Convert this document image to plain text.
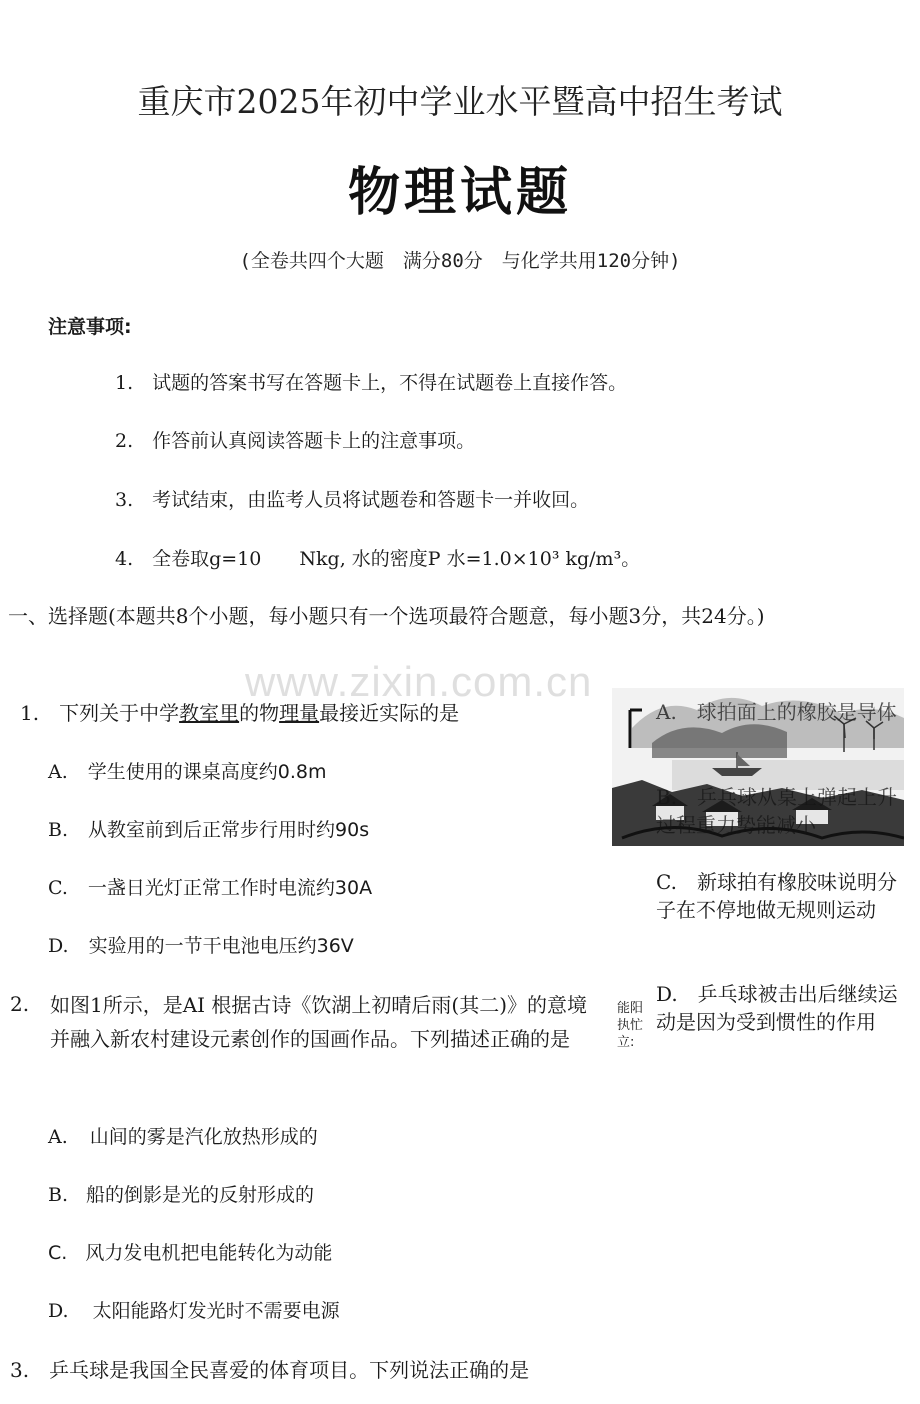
重庆市2025年初中学业水平暨高中招生考试
物理试题
(全卷共四个大题　满分80分　与化学共用120分钟)
注意事项:
1.　试题的答案书写在答题卡上，不得在试题卷上直接作答。
2.　作答前认真阅读答题卡上的注意事项。
3.　考试结束，由监考人员将试题卷和答题卡一并收回。
4.　全卷取g=10　　Nkg, 水的密度P 水=1.0×10³ kg/m³。
一、选择题(本题共8个小题，每小题只有一个选项最符合题意，每小题3分，共24分。)
www.zixin.com.cn
1.　下列关于中学教室里的物理量最接近实际的是
A. 学生使用的课桌高度约0.8m
B. 从教室前到后正常步行用时约90s
C. 一盏日光灯正常工作时电流约30A
D. 实验用的一节干电池电压约36V
2. 如图1所示，是AI 根据古诗《饮湖上初晴后雨(其二)》的意境并融入新农村建设元素创作的国画作品。下列描述正确的是
A. 山间的雾是汽化放热形成的
B. 船的倒影是光的反射形成的
C. 风力发电机把电能转化为动能
D. 太阳能路灯发光时不需要电源
3.　乒乓球是我国全民喜爱的体育项目。下列说法正确的是
A.　球拍面上的橡胶是导体
B.　乒乓球从桌上弹起上升过程重力势能减小
C.　新球拍有橡胶味说明分子在不停地做无规则运动
能阳执忙立:
D.　乒乓球被击出后继续运动是因为受到惯性的作用
